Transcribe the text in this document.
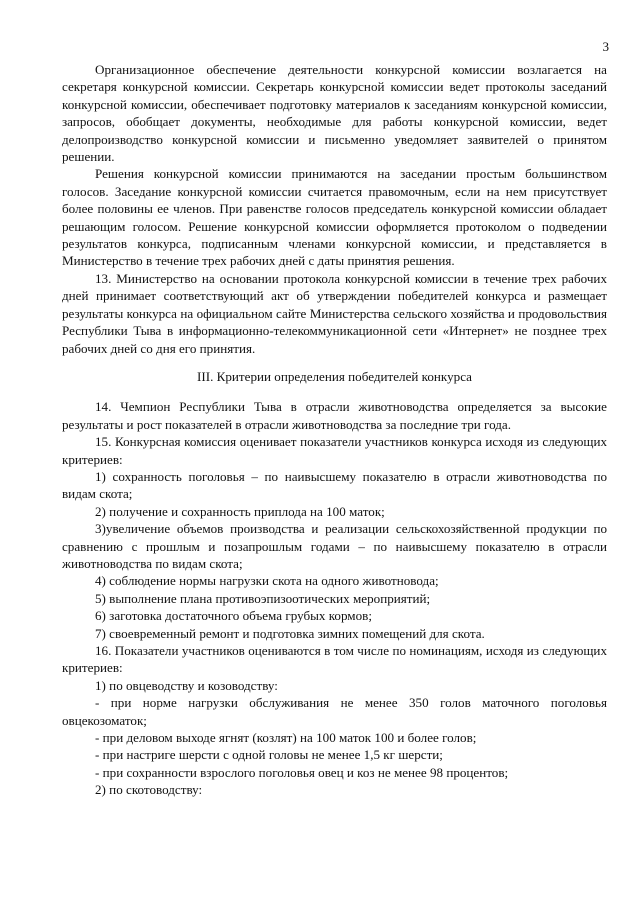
3

Организационное обеспечение деятельности конкурсной комиссии возлагается на секретаря конкурсной комиссии. Секретарь конкурсной комиссии ведет протоколы заседаний конкурсной комиссии, обеспечивает подготовку материалов к заседаниям конкурсной комиссии, запросов, обобщает документы, необходимые для работы конкурсной комиссии, ведет делопроизводство конкурсной комиссии и письменно уведомляет заявителей о принятом решении.

Решения конкурсной комиссии принимаются на заседании простым большинством голосов. Заседание конкурсной комиссии считается правомочным, если на нем присутствует более половины ее членов. При равенстве голосов председатель конкурсной комиссии обладает решающим голосом. Решение конкурсной комиссии оформляется протоколом о подведении результатов конкурса, подписанным членами конкурсной комиссии, и представляется в Министерство в течение трех рабочих дней с даты принятия решения.

13. Министерство на основании протокола конкурсной комиссии в течение трех рабочих дней принимает соответствующий акт об утверждении победителей конкурса и размещает результаты конкурса на официальном сайте Министерства сельского хозяйства и продовольствия Республики Тыва в информационно-телекоммуникационной сети «Интернет» не позднее трех рабочих дней со дня его принятия.

III. Критерии определения победителей конкурса

14. Чемпион Республики Тыва в отрасли животноводства определяется за высокие результаты и рост показателей в отрасли животноводства за последние три года.

15. Конкурсная комиссия оценивает показатели участников конкурса исходя из следующих критериев:

1) сохранность поголовья – по наивысшему показателю в отрасли животноводства по видам скота;

2) получение и сохранность приплода на 100 маток;

3)увеличение объемов производства и реализации сельскохозяйственной продукции по сравнению с прошлым и позапрошлым годами – по наивысшему показателю в отрасли животноводства по видам скота;

4) соблюдение нормы нагрузки скота на одного животновода;

5) выполнение плана противоэпизоотических мероприятий;

6) заготовка достаточного объема грубых кормов;

7) своевременный ремонт и подготовка зимних помещений для скота.

16. Показатели участников оцениваются в том числе по номинациям, исходя из следующих критериев:

1) по овцеводству и козоводству:

- при норме нагрузки обслуживания не менее 350 голов маточного поголовья овцекозоматок;

- при деловом выходе ягнят (козлят) на 100 маток 100 и более голов;

- при настриге шерсти с одной головы не менее 1,5 кг шерсти;

- при сохранности взрослого поголовья овец и коз не менее 98 процентов;

2) по скотоводству:
